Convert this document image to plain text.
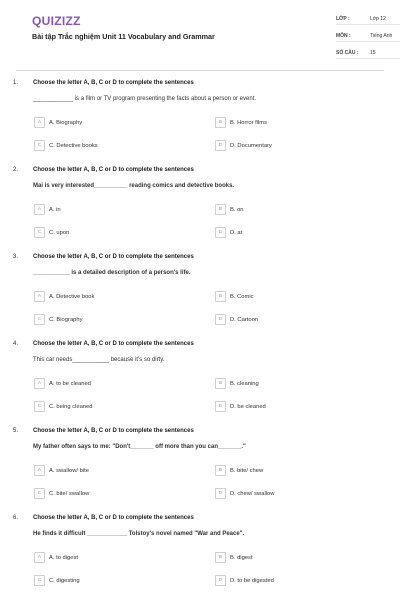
QUIZIZZ
Bài tập Trắc nghiệm Unit 11 Vocabulary and Grammar
LỚP :	Lớp 12
MÔN :	Tiếng Anh
SỐ CÂU :	15
1. Choose the letter A, B, C or D to complete the sentences
____________ is a film or TV program presenting the facts about a person or event.
A	A. Biography	B	B. Horror films
C	C. Detective books	D	D. Documentary
2. Choose the letter A, B, C or D to complete the sentences
Mai is very interested__________ reading comics and detective books.
A	A. in	B	B. on
C	C. upon	D	D. at
3. Choose the letter A, B, C or D to complete the sentences
___________ is a detailed description of a person's life.
A	A. Detective book	B	B. Comic
C	C. Biography	D	D. Cartoon
4. Choose the letter A, B, C or D to complete the sentences
This car needs___________ because it's so dirty.
A	A. to be cleaned	B	B. cleaning
C	C. being cleaned	D	D. be cleaned
5. Choose the letter A, B, C or D to complete the sentences
My father often says to me: "Don't_______ off more than you can_______."
A	A. swallow/ bite	B	B. bite/ chew
C	C. bite/ swallow	D	D. chew/ swallow
6. Choose the letter A, B, C or D to complete the sentences
He finds it difficult ____________ Tolstoy's novel named "War and Peace".
A	A. to digest	B	B. digest
C	C. digesting	D	D. to be digested
